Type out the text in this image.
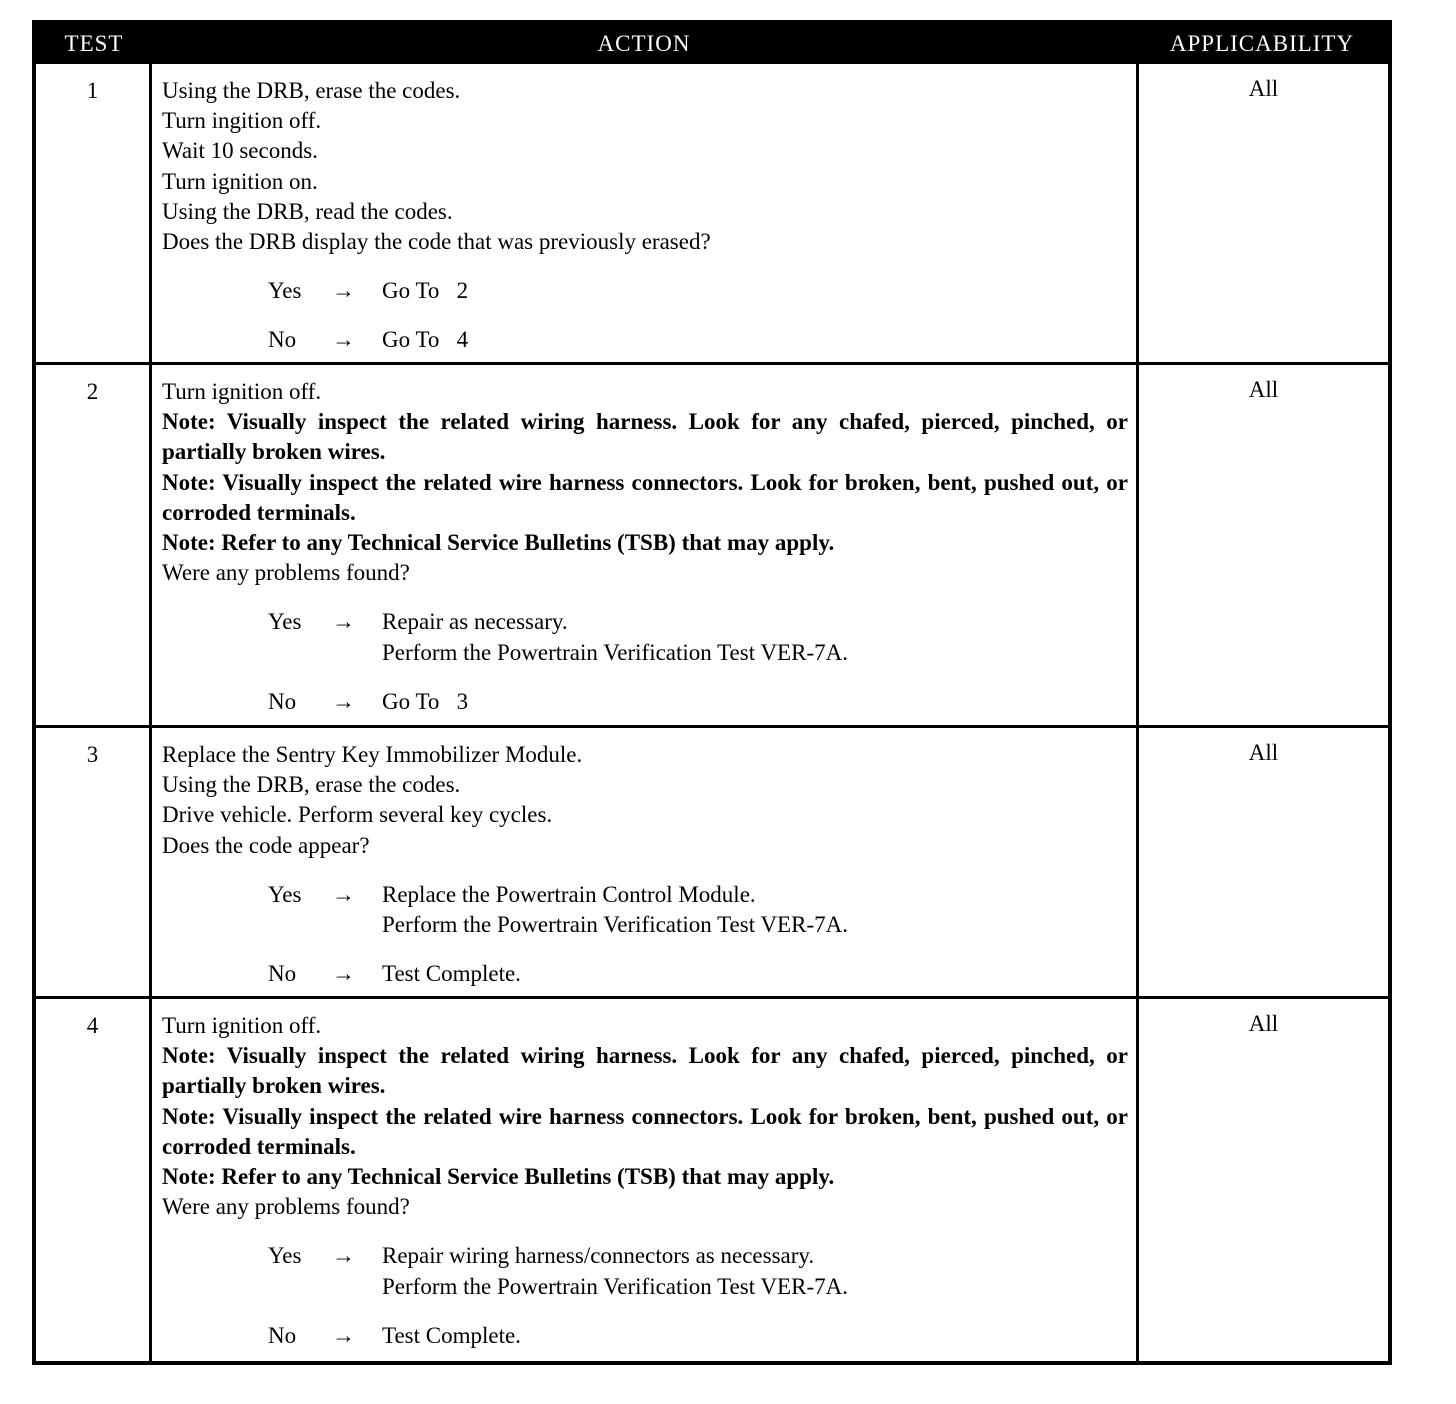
TEST	ACTION	APPLICABILITY
1	Using the DRB, erase the codes.
Turn ingition off.
Wait 10 seconds.
Turn ignition on.
Using the DRB, read the codes.
Does the DRB display the code that was previously erased?
Yes	→	Go To   2
No	→	Go To   4
All
2	Turn ignition off.
Note: Visually inspect the related wiring harness. Look for any chafed, pierced, pinched, or partially broken wires.
Note: Visually inspect the related wire harness connectors. Look for broken, bent, pushed out, or corroded terminals.
Note: Refer to any Technical Service Bulletins (TSB) that may apply.
Were any problems found?
Yes	→	Repair as necessary.
Perform the Powertrain Verification Test VER-7A.
No	→	Go To   3
All
3	Replace the Sentry Key Immobilizer Module.
Using the DRB, erase the codes.
Drive vehicle. Perform several key cycles.
Does the code appear?
Yes	→	Replace the Powertrain Control Module.
Perform the Powertrain Verification Test VER-7A.
No	→	Test Complete.
All
4	Turn ignition off.
Note: Visually inspect the related wiring harness. Look for any chafed, pierced, pinched, or partially broken wires.
Note: Visually inspect the related wire harness connectors. Look for broken, bent, pushed out, or corroded terminals.
Note: Refer to any Technical Service Bulletins (TSB) that may apply.
Were any problems found?
Yes	→	Repair wiring harness/connectors as necessary.
Perform the Powertrain Verification Test VER-7A.
No	→	Test Complete.
All
